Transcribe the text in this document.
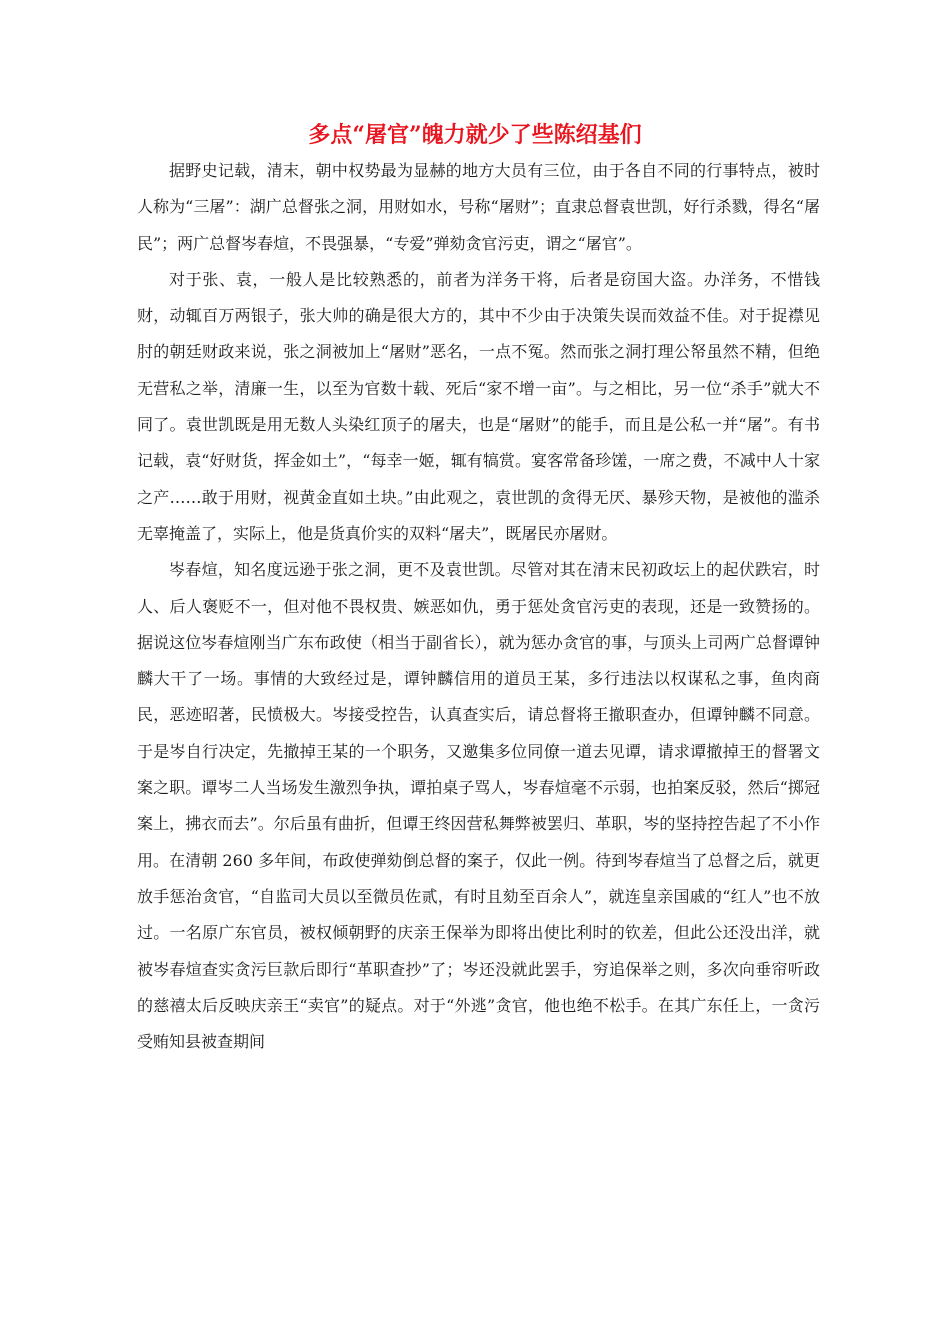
多点“屠官”魄力就少了些陈绍基们

据野史记载，清末，朝中权势最为显赫的地方大员有三位，由于各自不同的行事特点，被时人称为“三屠”：湖广总督张之洞，用财如水，号称“屠财”；直隶总督袁世凯，好行杀戮，得名“屠民”；两广总督岑春煊，不畏强暴，“专爱”弹劾贪官污吏，谓之“屠官”。

对于张、袁，一般人是比较熟悉的，前者为洋务干将，后者是窃国大盗。办洋务，不惜钱财，动辄百万两银子，张大帅的确是很大方的，其中不少由于决策失误而效益不佳。对于捉襟见肘的朝廷财政来说，张之洞被加上“屠财”恶名，一点不冤。然而张之洞打理公帑虽然不精，但绝无营私之举，清廉一生，以至为官数十载、死后“家不增一亩”。与之相比，另一位“杀手”就大不同了。袁世凯既是用无数人头染红顶子的屠夫，也是“屠财”的能手，而且是公私一并“屠”。有书记载，袁“好财货，挥金如土”，“每幸一姬，辄有犒赏。宴客常备珍馐，一席之费，不减中人十家之产……敢于用财，视黄金直如土块。”由此观之，袁世凯的贪得无厌、暴殄天物，是被他的滥杀无辜掩盖了，实际上，他是货真价实的双料“屠夫”，既屠民亦屠财。

岑春煊，知名度远逊于张之洞，更不及袁世凯。尽管对其在清末民初政坛上的起伏跌宕，时人、后人褒贬不一，但对他不畏权贵、嫉恶如仇，勇于惩处贪官污吏的表现，还是一致赞扬的。据说这位岑春煊刚当广东布政使（相当于副省长），就为惩办贪官的事，与顶头上司两广总督谭钟麟大干了一场。事情的大致经过是，谭钟麟信用的道员王某，多行违法以权谋私之事，鱼肉商民，恶迹昭著，民愤极大。岑接受控告，认真查实后，请总督将王撤职查办，但谭钟麟不同意。于是岑自行决定，先撤掉王某的一个职务，又邀集多位同僚一道去见谭，请求谭撤掉王的督署文案之职。谭岑二人当场发生激烈争执，谭拍桌子骂人，岑春煊毫不示弱，也拍案反驳，然后“掷冠案上，拂衣而去”。尔后虽有曲折，但谭王终因营私舞弊被罢归、革职，岑的坚持控告起了不小作用。在清朝 260 多年间，布政使弹劾倒总督的案子，仅此一例。待到岑春煊当了总督之后，就更放手惩治贪官，“自监司大员以至微员佐贰，有时且劾至百余人”，就连皇亲国戚的“红人”也不放过。一名原广东官员，被权倾朝野的庆亲王保举为即将出使比利时的钦差，但此公还没出洋，就被岑春煊查实贪污巨款后即行“革职查抄”了；岑还没就此罢手，穷追保举之则，多次向垂帘听政的慈禧太后反映庆亲王“卖官”的疑点。对于“外逃”贪官，他也绝不松手。在其广东任上，一贪污受贿知县被查期间
